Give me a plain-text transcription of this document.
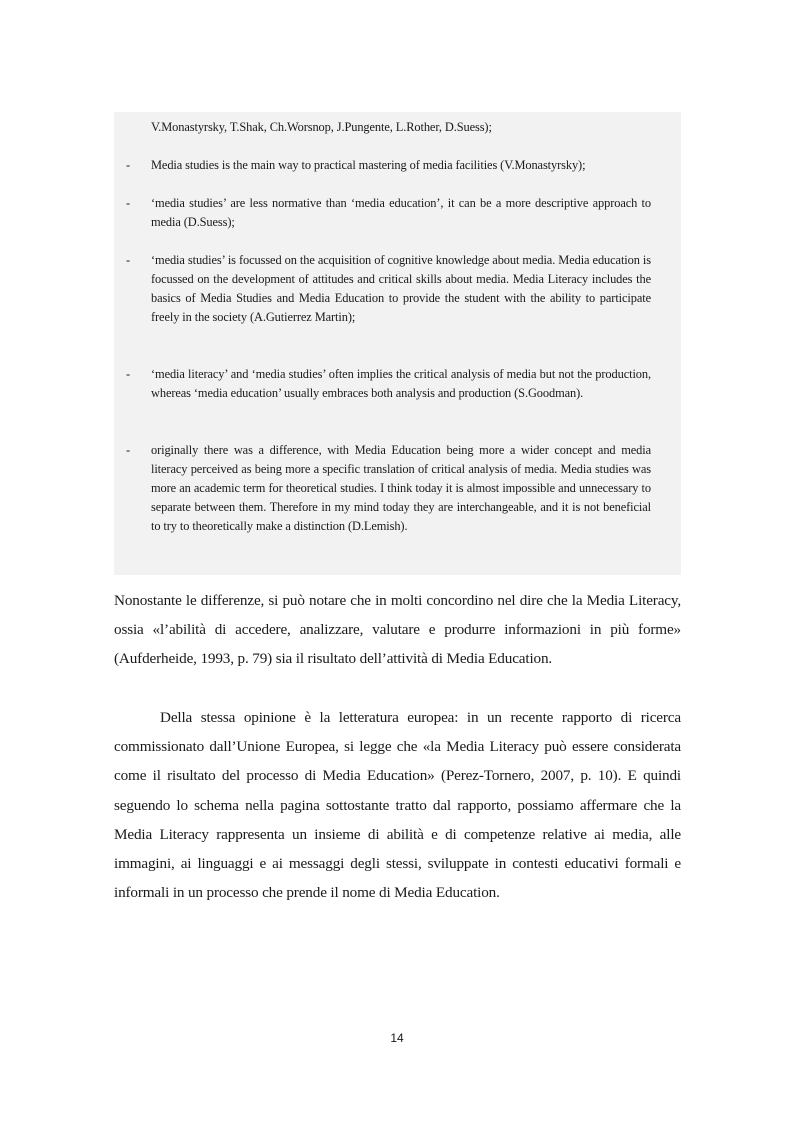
V.Monastyrsky, T.Shak, Ch.Worsnop, J.Pungente, L.Rother, D.Suess);
- Media studies is the main way to practical mastering of media facilities (V.Monastyrsky);
- ‘media studies’ are less normative than ‘media education’, it can be a more descriptive approach to media (D.Suess);
- ‘media studies’ is focussed on the acquisition of cognitive knowledge about media. Media education is focussed on the development of attitudes and critical skills about media. Media Literacy includes the basics of Media Studies and Media Education to provide the student with the ability to participate freely in the society (A.Gutierrez Martin);
- ‘media literacy’ and ‘media studies’ often implies the critical analysis of media but not the production, whereas ‘media education’ usually embraces both analysis and production (S.Goodman).
- originally there was a difference, with Media Education being more a wider concept and media literacy perceived as being more a specific translation of critical analysis of media. Media studies was more an academic term for theoretical studies. I think today it is almost impossible and unnecessary to separate between them. Therefore in my mind today they are interchangeable, and it is not beneficial to try to theoretically make a distinction (D.Lemish).
Nonostante le differenze, si può notare che in molti concordino nel dire che la Media Literacy, ossia «l’abilità di accedere, analizzare, valutare e produrre informazioni in più forme» (Aufderheide, 1993, p. 79) sia il risultato dell’attività di Media Education.
Della stessa opinione è la letteratura europea: in un recente rapporto di ricerca commissionato dall’Unione Europea, si legge che «la Media Literacy può essere considerata come il risultato del processo di Media Education» (Perez-Tornero, 2007, p. 10). E quindi seguendo lo schema nella pagina sottostante tratto dal rapporto, possiamo affermare che la Media Literacy rappresenta un insieme di abilità e di competenze relative ai media, alle immagini, ai linguaggi e ai messaggi degli stessi, sviluppate in contesti educativi formali e informali in un processo che prende il nome di Media Education.
14
